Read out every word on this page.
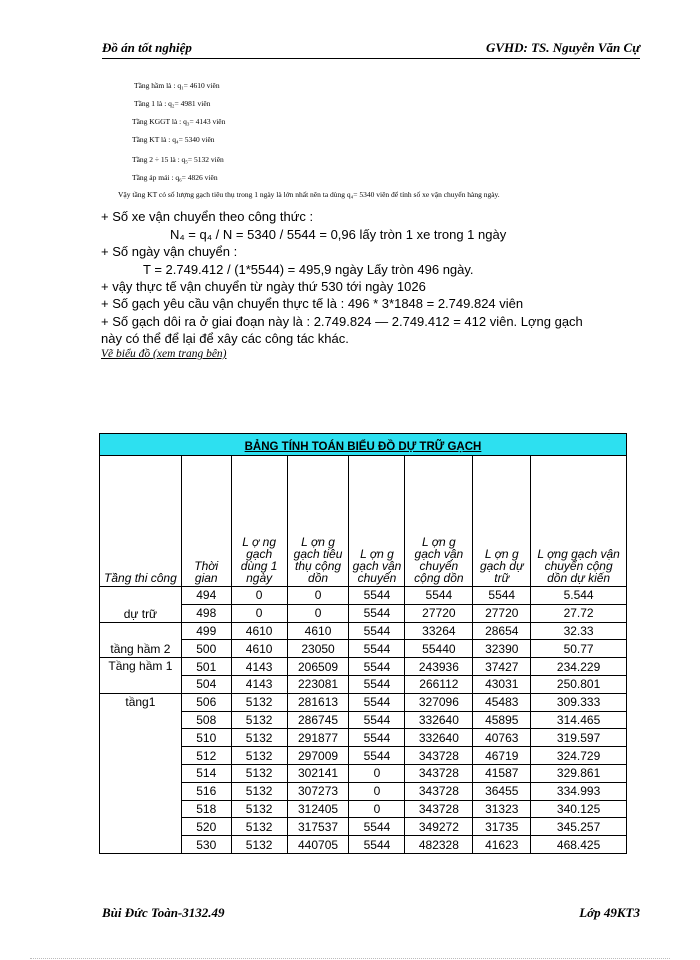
Đồ án tốt nghiệp	GVHD: TS. Nguyễn Văn Cự
Tầng hầm là : q₁= 4610 viên
Tầng 1 là : q₂= 4981 viên
Tầng KGGT là : q₃= 4143 viên
Tầng KT là : q₄= 5340 viên
Tầng 2 ÷ 15 là : q₅= 5132 viên
Tầng áp mái : q₆= 4826 viên
Vậy tầng KT có số lượng gạch tiêu thụ trong 1 ngày là lớn nhất nên ta dùng q₄= 5340 viên để tính số xe vận chuyển hàng ngày.
+ Số xe vận chuyển theo công thức :
N₄ = q₄ / N = 5340 / 5544 = 0,96 lấy tròn 1 xe trong 1 ngày
+ Số ngày vận chuyển :
T = 2.749.412 / (1*5544) = 495,9 ngày Lấy tròn 496 ngày.
+ vậy thực tế vận chuyển từ ngày thứ 530 tới ngày 1026
+ Số gạch yêu cầu vận chuyển thực tế là : 496 * 3*1848 = 2.749.824 viên
+ Số gạch dôi ra ở giai đoạn này là : 2.749.824 — 2.749.412 = 412 viên. Lợng gạch
này có thể để lại để xây các công tác khác.
Vẽ biểu đồ (xem trang bên)
BẢNG TÍNH TOÁN BIỂU ĐỒ DỰ TRỮ GẠCH							
Tầng thi công	Thời gian	L ợ ng gạch dùng 1 ngày	L ợn g gạch tiêu thụ cộng dồn	L ợn g gạch vận chuyển	L ợn g gạch vận chuyển cộng dồn	L ợn g gạch dự trữ	L ợng gạch vận chuyển cộng dồn dự kiến
dự trữ	494	0	0	5544	5544	5544	5.544
	498	0	0	5544	27720	27720	27.72
tầng hầm 2	499	4610	4610	5544	33264	28654	32.33
	500	4610	23050	5544	55440	32390	50.77
Tầng hầm 1	501	4143	206509	5544	243936	37427	234.229
	504	4143	223081	5544	266112	43031	250.801
tầng1	506	5132	281613	5544	327096	45483	309.333
	508	5132	286745	5544	332640	45895	314.465
	510	5132	291877	5544	332640	40763	319.597
	512	5132	297009	5544	343728	46719	324.729
	514	5132	302141	0	343728	41587	329.861
	516	5132	307273	0	343728	36455	334.993
	518	5132	312405	0	343728	31323	340.125
	520	5132	317537	5544	349272	31735	345.257
	530	5132	440705	5544	482328	41623	468.425
Bùi Đức Toàn-3132.49	Lớp 49KT3
